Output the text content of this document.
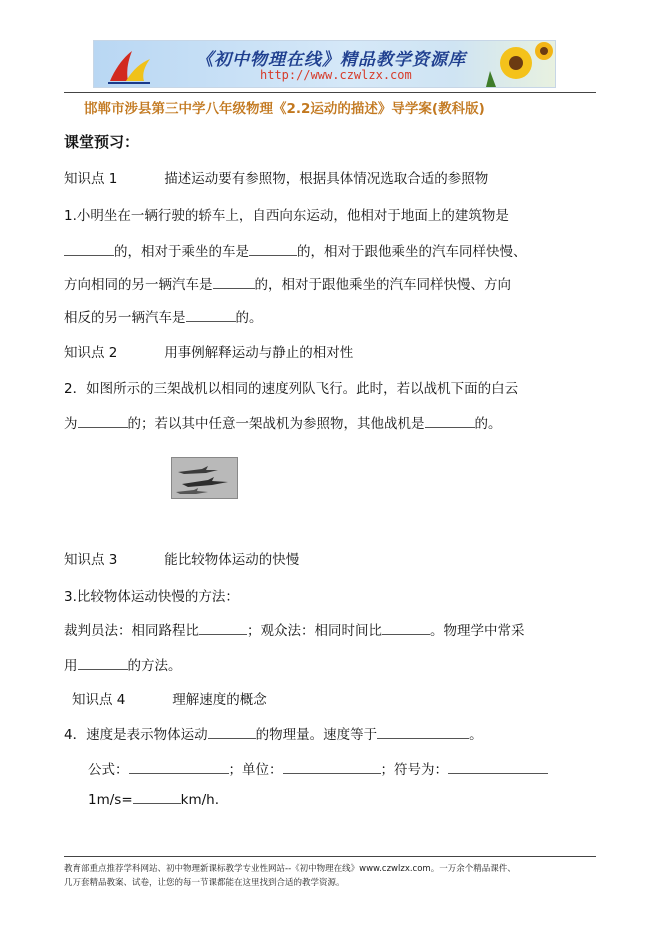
《初中物理在线》精品教学资源库
http://www.czwlzx.com
邯郸市涉县第三中学八年级物理《2.2运动的描述》导学案(教科版)
课堂预习：
知识点 1	描述运动要有参照物，根据具体情况选取合适的参照物
1.小明坐在一辆行驶的轿车上，自西向东运动，他相对于地面上的建筑物是
的，相对于乘坐的车是	的，相对于跟他乘坐的汽车同样快慢、
方向相同的另一辆汽车是	的，相对于跟他乘坐的汽车同样快慢、方向
相反的另一辆汽车是	的。
知识点 2	用事例解释运动与静止的相对性
2．如图所示的三架战机以相同的速度列队飞行。此时，若以战机下面的白云
为	的；若以其中任意一架战机为参照物，其他战机是	的。
知识点 3	能比较物体运动的快慢
3.比较物体运动快慢的方法：
裁判员法：相同路程比	；观众法：相同时间比	。物理学中常采
用	的方法。
知识点 4	理解速度的概念
4．速度是表示物体运动	的物理量。速度等于	。
公式：	；单位：	；符号为：
1m/s=	km/h.
教育部重点推荐学科网站、初中物理新课标教学专业性网站--《初中物理在线》www.czwlzx.com。一万余个精品课件、
几万套精品教案、试卷，让您的每一节课都能在这里找到合适的教学资源。
